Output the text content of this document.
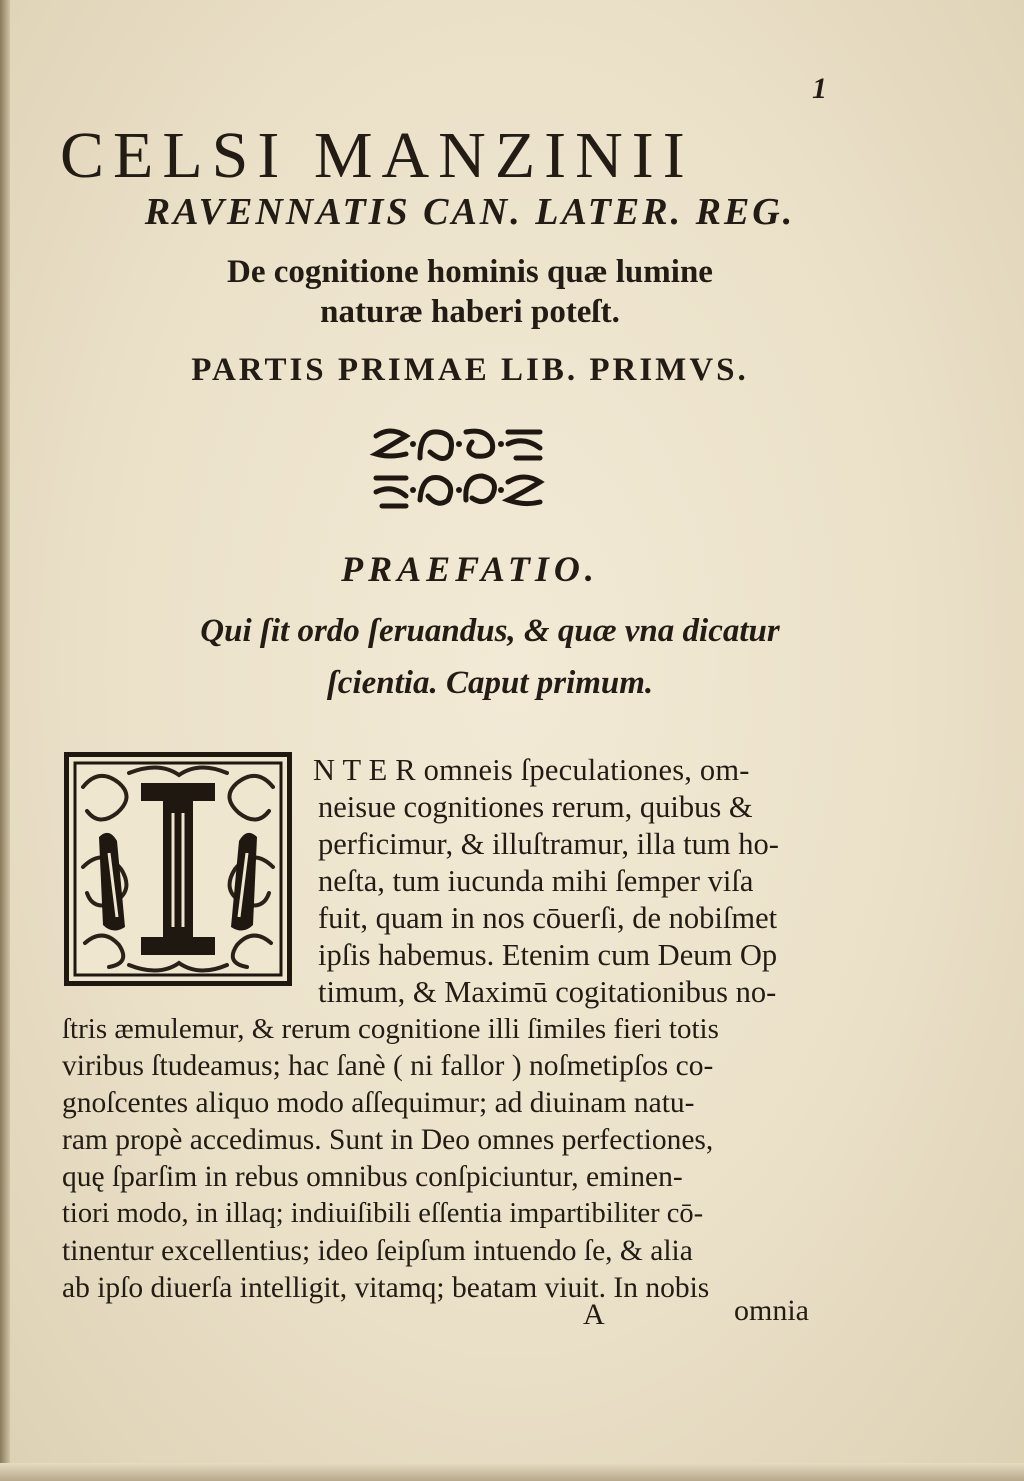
1
CELSI MANZINII
RAVENNATIS CAN. LATER. REG.
De cognitione hominis quæ lumine
naturæ haberi poteſt.
PARTIS PRIMAE LIB. PRIMVS.
PRAEFATIO.
Qui ſit ordo ſeruandus, & quæ vna dicatur
ſcientia. Caput primum.
N T E R omneis ſpeculationes, om-
neisue cognitiones rerum, quibus &
perficimur, & illuſtramur, illa tum ho-
neſta, tum iucunda mihi ſemper viſa
fuit, quam in nos cōuerſi, de nobiſmet
ipſis habemus. Etenim cum Deum Op
timum, & Maximū cogitationibus no-
ſtris æmulemur, & rerum cognitione illi ſimiles fieri totis
viribus ſtudeamus; hac ſanè ( ni fallor ) noſmetipſos co-
gnoſcentes aliquo modo aſſequimur; ad diuinam natu-
ram propè accedimus. Sunt in Deo omnes perfectiones,
quę ſparſim in rebus omnibus conſpiciuntur, eminen-
tiori modo, in illaq; indiuiſibili eſſentia impartibiliter cō-
tinentur excellentius; ideo ſeipſum intuendo ſe, & alia
ab ipſo diuerſa intelligit, vitamq; beatam viuit. In nobis
A	omnia
